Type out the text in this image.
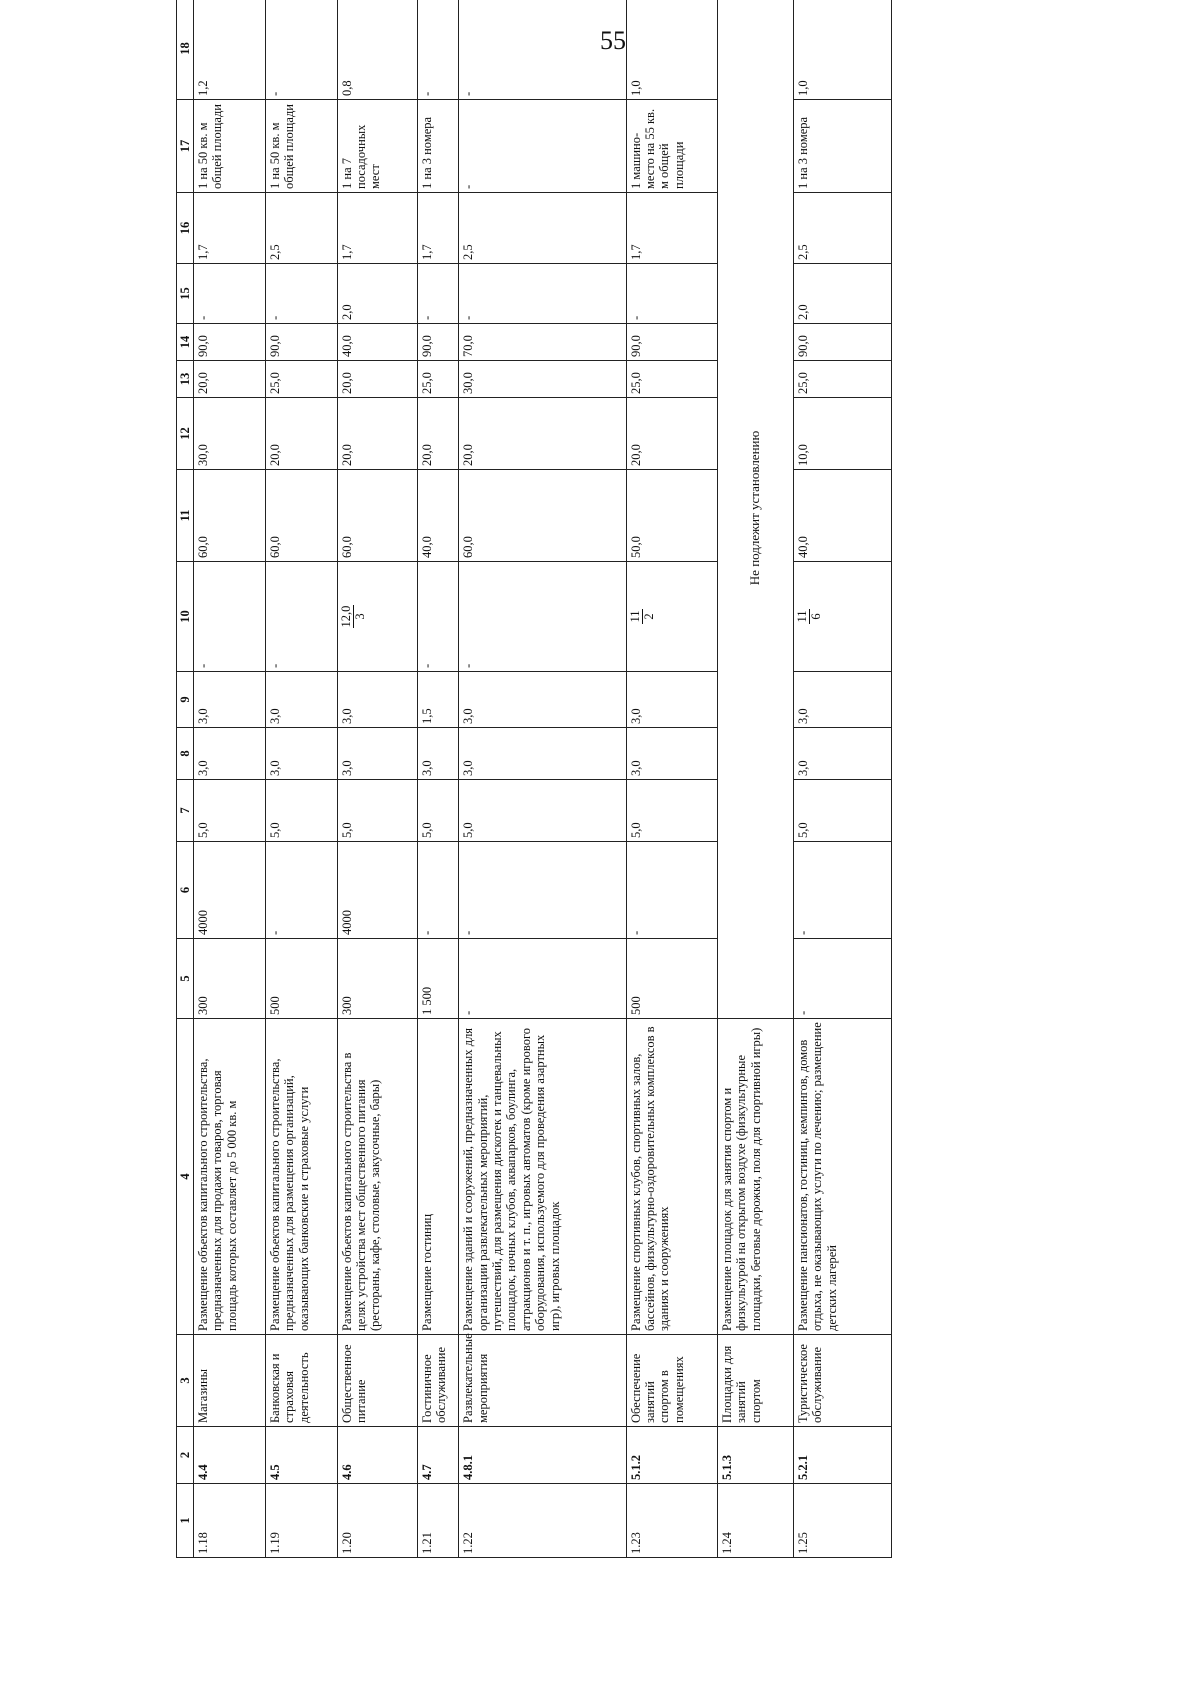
55
1	2	3	4	5	6	7	8	9	10	11	12	13	14	15	16	17	18
1.18	4.4	Магазины	Размещение объектов капитального строительства, предназначенных для продажи товаров, торговая площадь которых составляет до 5 000 кв. м	300	4000	5,0	3,0	3,0	-	60,0	30,0	20,0	90,0	-	1,7	1 на 50 кв. м общей площади	1,2
1.19	4.5	Банковская и страховая деятельность	Размещение объектов капитального строительства, предназначенных для размещения организаций, оказывающих банковские и страховые услуги	500	-	5,0	3,0	3,0	-	60,0	20,0	25,0	90,0	-	2,5	1 на 50 кв. м общей площади	-
1.20	4.6	Общественное питание	Размещение объектов капитального строительства в целях устройства мест общественного питания (рестораны, кафе, столовые, закусочные, бары)	300	4000	5,0	3,0	3,0	12,0 3	60,0	20,0	20,0	40,0	2,0	1,7	1 на 7 посадочных мест	0,8
1.21	4.7	Гостиничное обслуживание	Размещение гостиниц	1 500	-	5,0	3,0	1,5	-	40,0	20,0	25,0	90,0	-	1,7	1 на 3 номера	-
1.22	4.8.1	Развлекательные мероприятия	Размещение зданий и сооружений, предназначенных для организации развлекательных мероприятий, путешествий, для размещения дискотек и танцевальных площадок, ночных клубов, аквапарков, боулинга, аттракционов и т. п., игровых автоматов (кроме игрового оборудования, используемого для проведения азартных игр), игровых площадок	-	-	5,0	3,0	3,0	-	60,0	20,0	30,0	70,0	-	2,5	-	-
1.23	5.1.2	Обеспечение занятий спортом в помещениях	Размещение спортивных клубов, спортивных залов, бассейнов, физкультурно-оздоровительных комплексов в зданиях и сооружениях	500	-	5,0	3,0	3,0	11 2	50,0	20,0	25,0	90,0	-	1,7	1 машино-место на 55 кв. м общей площади	1,0
1.24	5.1.3	Площадки для занятий спортом	Размещение площадок для занятия спортом и физкультурой на открытом воздухе (физкультурные площадки, беговые дорожки, поля для спортивной игры)	Не подлежит установлению													
1.25	5.2.1	Туристическое обслуживание	Размещение пансионатов, гостиниц, кемпингов, домов отдыха, не оказывающих услуги по лечению; размещение детских лагерей	-	-	5,0	3,0	3,0	11 6	40,0	10,0	25,0	90,0	2,0	2,5	1 на 3 номера	1,0
